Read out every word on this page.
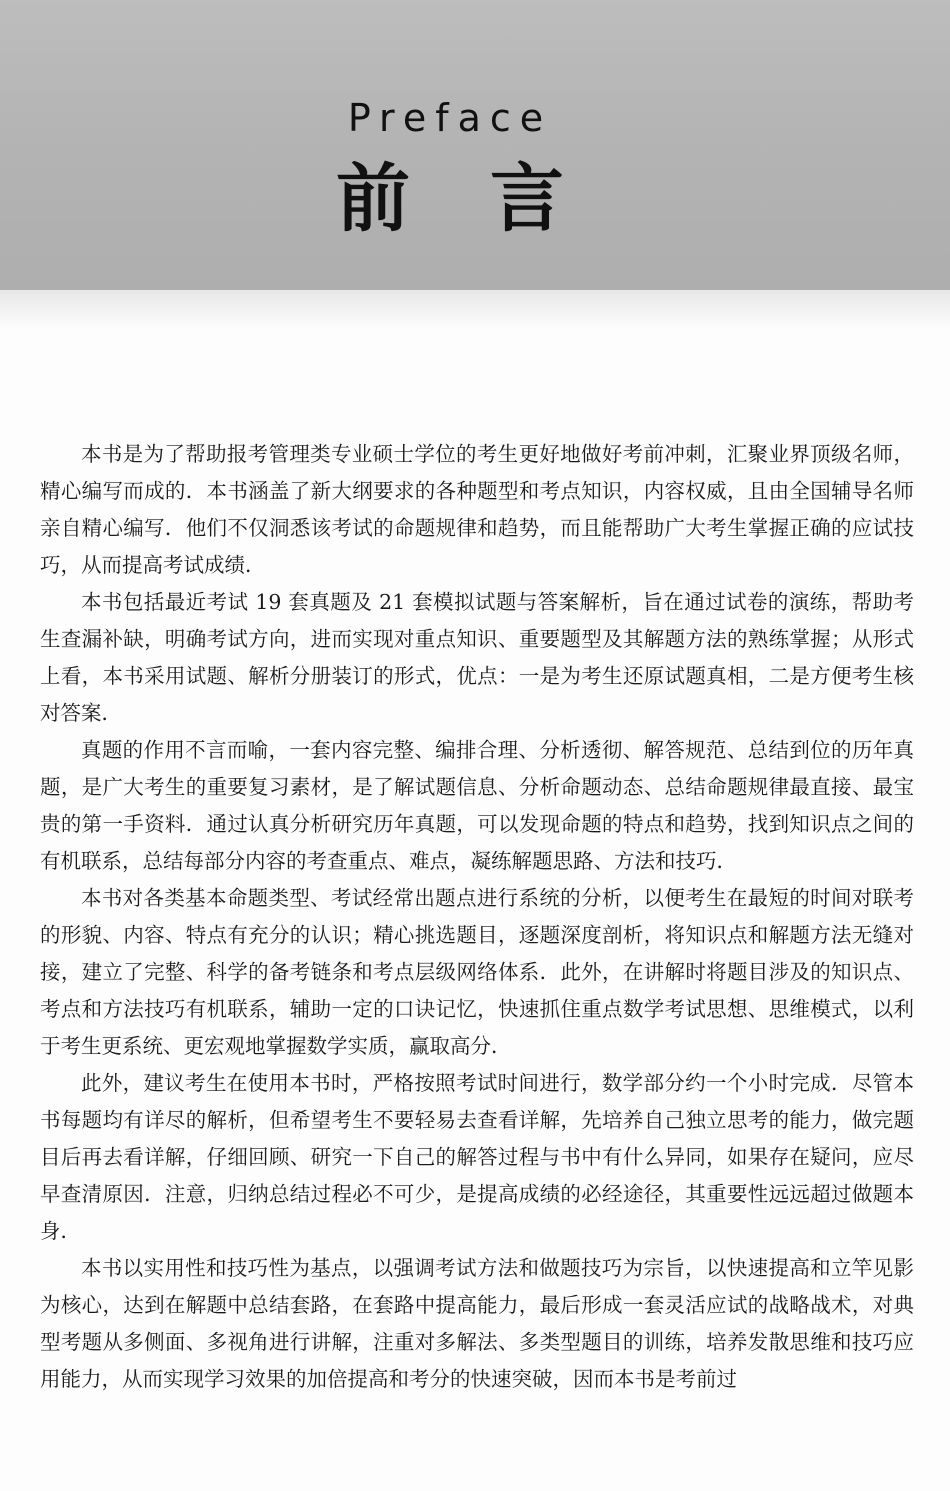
Preface
前言

本书是为了帮助报考管理类专业硕士学位的考生更好地做好考前冲刺，汇聚业界顶级名师，精心编写而成的．本书涵盖了新大纲要求的各种题型和考点知识，内容权威，且由全国辅导名师亲自精心编写．他们不仅洞悉该考试的命题规律和趋势，而且能帮助广大考生掌握正确的应试技巧，从而提高考试成绩．

本书包括最近考试 19 套真题及 21 套模拟试题与答案解析，旨在通过试卷的演练，帮助考生查漏补缺，明确考试方向，进而实现对重点知识、重要题型及其解题方法的熟练掌握；从形式上看，本书采用试题、解析分册装订的形式，优点：一是为考生还原试题真相，二是方便考生核对答案．

真题的作用不言而喻，一套内容完整、编排合理、分析透彻、解答规范、总结到位的历年真题，是广大考生的重要复习素材，是了解试题信息、分析命题动态、总结命题规律最直接、最宝贵的第一手资料．通过认真分析研究历年真题，可以发现命题的特点和趋势，找到知识点之间的有机联系，总结每部分内容的考查重点、难点，凝练解题思路、方法和技巧．

本书对各类基本命题类型、考试经常出题点进行系统的分析，以便考生在最短的时间对联考的形貌、内容、特点有充分的认识；精心挑选题目，逐题深度剖析，将知识点和解题方法无缝对接，建立了完整、科学的备考链条和考点层级网络体系．此外，在讲解时将题目涉及的知识点、考点和方法技巧有机联系，辅助一定的口诀记忆，快速抓住重点数学考试思想、思维模式，以利于考生更系统、更宏观地掌握数学实质，赢取高分．

此外，建议考生在使用本书时，严格按照考试时间进行，数学部分约一个小时完成．尽管本书每题均有详尽的解析，但希望考生不要轻易去查看详解，先培养自己独立思考的能力，做完题目后再去看详解，仔细回顾、研究一下自己的解答过程与书中有什么异同，如果存在疑问，应尽早查清原因．注意，归纳总结过程必不可少，是提高成绩的必经途径，其重要性远远超过做题本身．

本书以实用性和技巧性为基点，以强调考试方法和做题技巧为宗旨，以快速提高和立竿见影为核心，达到在解题中总结套路，在套路中提高能力，最后形成一套灵活应试的战略战术，对典型考题从多侧面、多视角进行讲解，注重对多解法、多类型题目的训练，培养发散思维和技巧应用能力，从而实现学习效果的加倍提高和考分的快速突破，因而本书是考前过
